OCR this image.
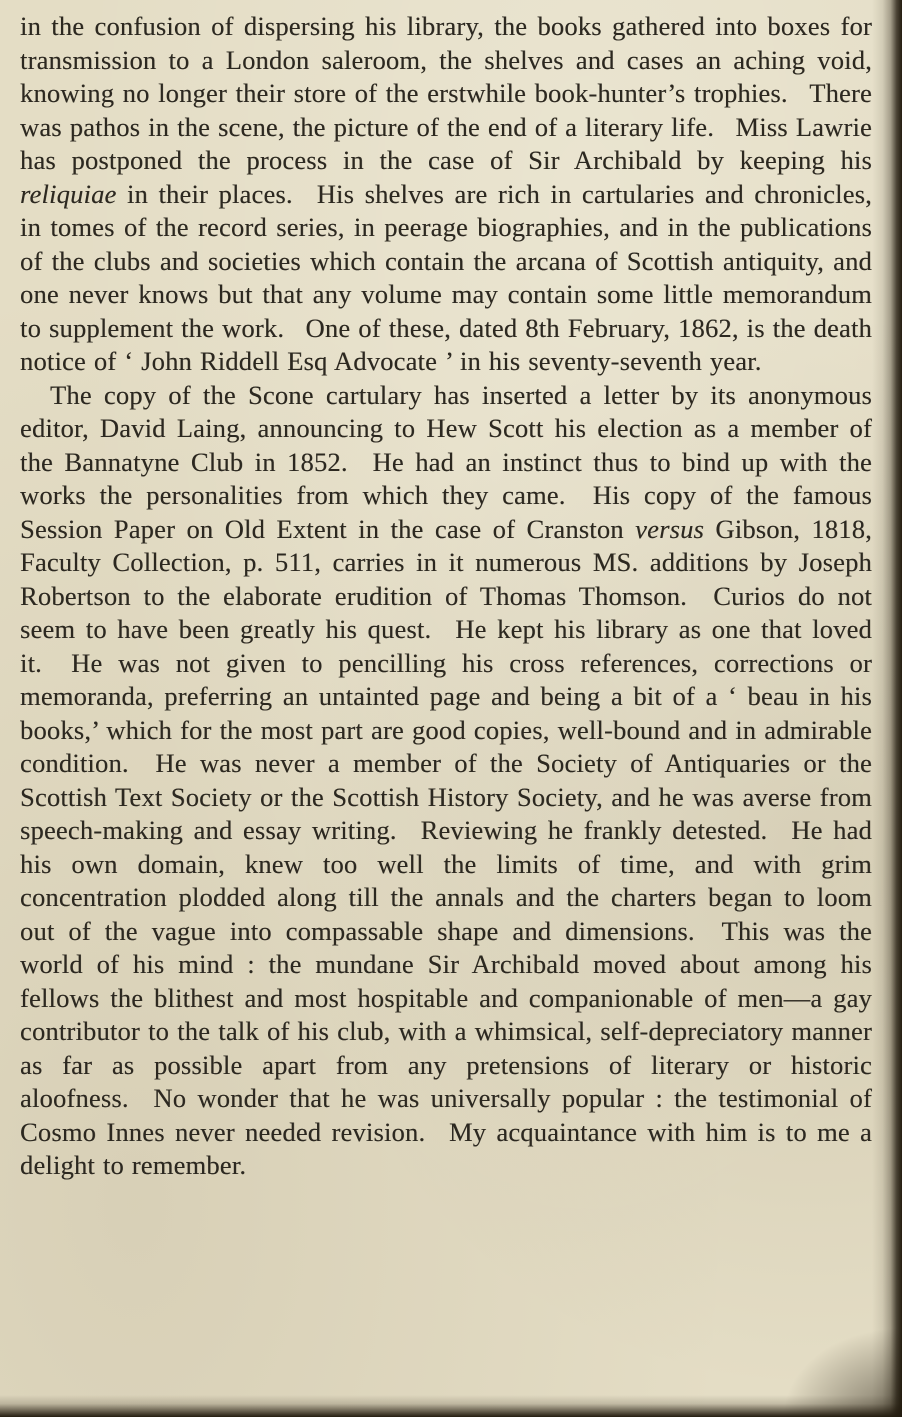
in the confusion of dispersing his library, the books gathered into boxes for transmission to a London saleroom, the shelves and cases an aching void, knowing no longer their store of the erstwhile book-hunter’s trophies.  There was pathos in the scene, the picture of the end of a literary life.  Miss Lawrie has postponed the process in the case of Sir Archibald by keeping his reliquiae in their places.  His shelves are rich in cartularies and chronicles, in tomes of the record series, in peerage biographies, and in the publications of the clubs and societies which contain the arcana of Scottish antiquity, and one never knows but that any volume may contain some little memorandum to supplement the work.  One of these, dated 8th February, 1862, is the death notice of ‘ John Riddell Esq Advocate ’ in his seventy-seventh year.

The copy of the Scone cartulary has inserted a letter by its anonymous editor, David Laing, announcing to Hew Scott his election as a member of the Bannatyne Club in 1852.  He had an instinct thus to bind up with the works the personalities from which they came.  His copy of the famous Session Paper on Old Extent in the case of Cranston versus Gibson, 1818, Faculty Collection, p. 511, carries in it numerous MS. additions by Joseph Robertson to the elaborate erudition of Thomas Thomson.  Curios do not seem to have been greatly his quest.  He kept his library as one that loved it.  He was not given to pencilling his cross references, corrections or memoranda, preferring an untainted page and being a bit of a ‘ beau in his books,’ which for the most part are good copies, well-bound and in admirable condition.  He was never a member of the Society of Antiquaries or the Scottish Text Society or the Scottish History Society, and he was averse from speech-making and essay writing.  Reviewing he frankly detested.  He had his own domain, knew too well the limits of time, and with grim concentration plodded along till the annals and the charters began to loom out of the vague into compassable shape and dimensions.  This was the world of his mind : the mundane Sir Archibald moved about among his fellows the blithest and most hospitable and companionable of men—a gay contributor to the talk of his club, with a whimsical, self-depreciatory manner as far as possible apart from any pretensions of literary or historic aloofness.  No wonder that he was universally popular : the testimonial of Cosmo Innes never needed revision.  My acquaintance with him is to me a delight to remember.
